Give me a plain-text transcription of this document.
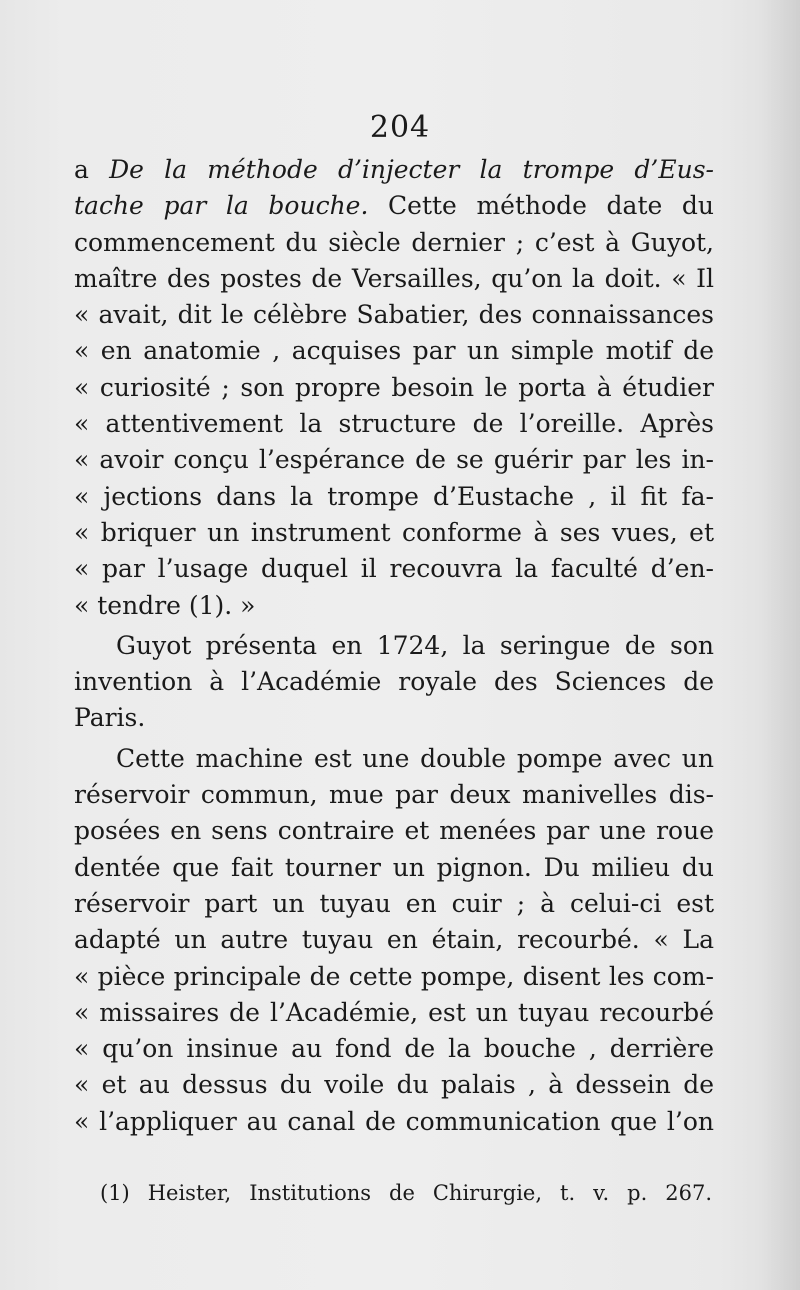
204
a De la méthode d’injecter la trompe d’Eus-
tache par la bouche. Cette méthode date du
commencement du siècle dernier ; c’est à Guyot,
maître des postes de Versailles, qu’on la doit. « Il
« avait, dit le célèbre Sabatier, des connaissances
« en anatomie , acquises par un simple motif de
« curiosité ; son propre besoin le porta à étudier
« attentivement la structure de l’oreille. Après
« avoir conçu l’espérance de se guérir par les in-
« jections dans la trompe d’Eustache , il fit fa-
« briquer un instrument conforme à ses vues, et
« par l’usage duquel il recouvra la faculté d’en-
« tendre (1). »
Guyot présenta en 1724, la seringue de son
invention à l’Académie royale des Sciences de
Paris.
Cette machine est une double pompe avec un
réservoir commun, mue par deux manivelles dis-
posées en sens contraire et menées par une roue
dentée que fait tourner un pignon. Du milieu du
réservoir part un tuyau en cuir ; à celui-ci est
adapté un autre tuyau en étain, recourbé. « La
« pièce principale de cette pompe, disent les com-
« missaires de l’Académie, est un tuyau recourbé
« qu’on insinue au fond de la bouche , derrière
« et au dessus du voile du palais , à dessein de
« l’appliquer au canal de communication que l’on
(1) Heister, Institutions de Chirurgie, t. v. p. 267.
